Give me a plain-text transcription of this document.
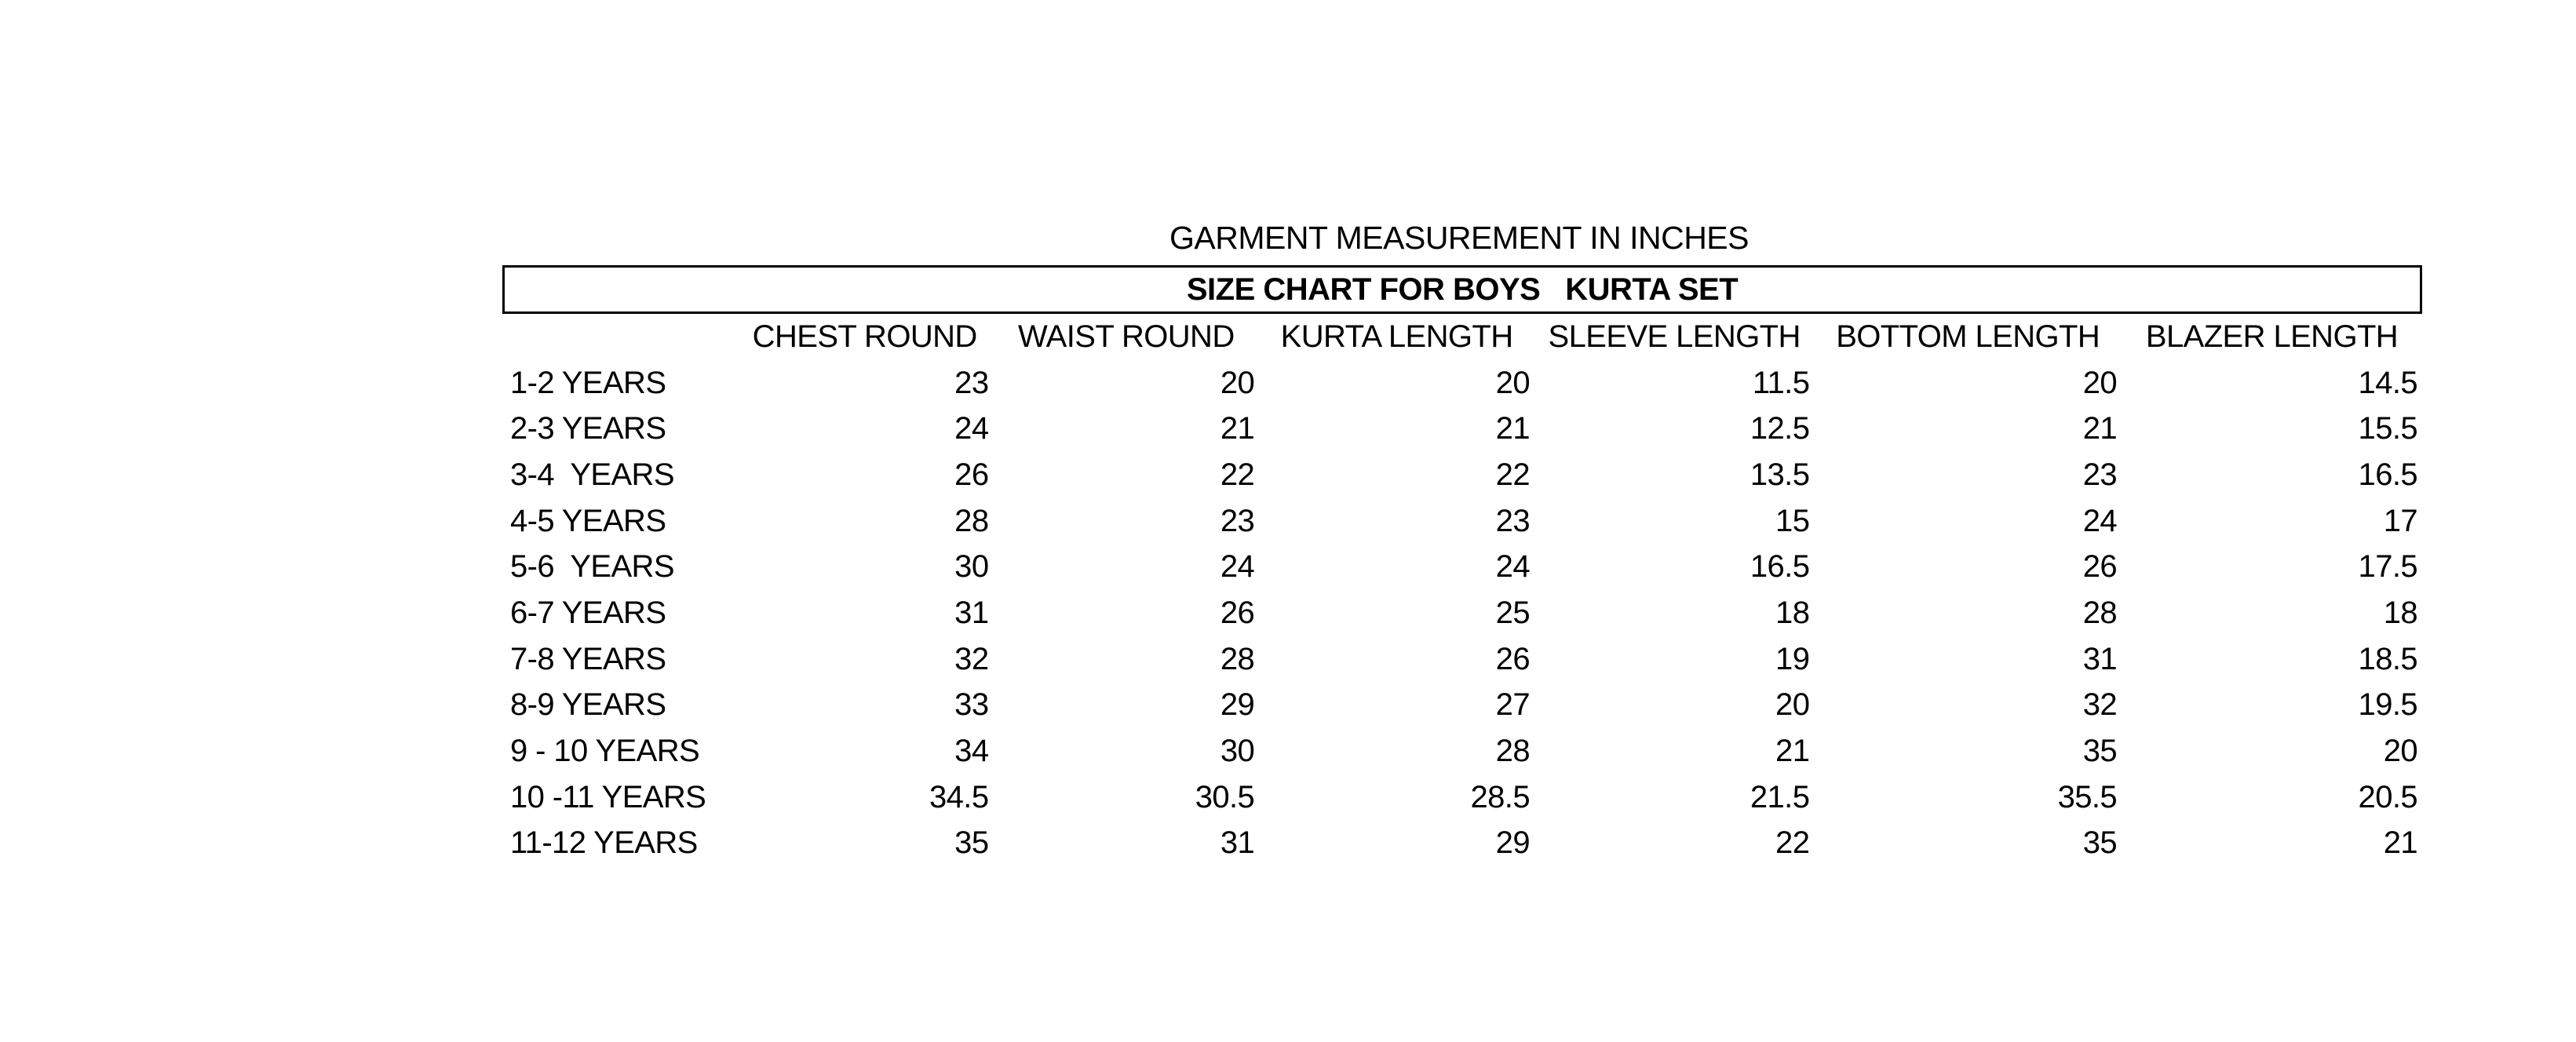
GARMENT MEASUREMENT IN INCHES
SIZE CHART FOR BOYS   KURTA SET
	CHEST ROUND	WAIST ROUND	KURTA LENGTH	SLEEVE LENGTH	BOTTOM LENGTH	BLAZER LENGTH
1-2 YEARS	23	20	20	11.5	20	14.5
2-3 YEARS	24	21	21	12.5	21	15.5
3-4  YEARS	26	22	22	13.5	23	16.5
4-5 YEARS	28	23	23	15	24	17
5-6  YEARS	30	24	24	16.5	26	17.5
6-7 YEARS	31	26	25	18	28	18
7-8 YEARS	32	28	26	19	31	18.5
8-9 YEARS	33	29	27	20	32	19.5
9 - 10 YEARS	34	30	28	21	35	20
10 -11 YEARS	34.5	30.5	28.5	21.5	35.5	20.5
11-12 YEARS	35	31	29	22	35	21
